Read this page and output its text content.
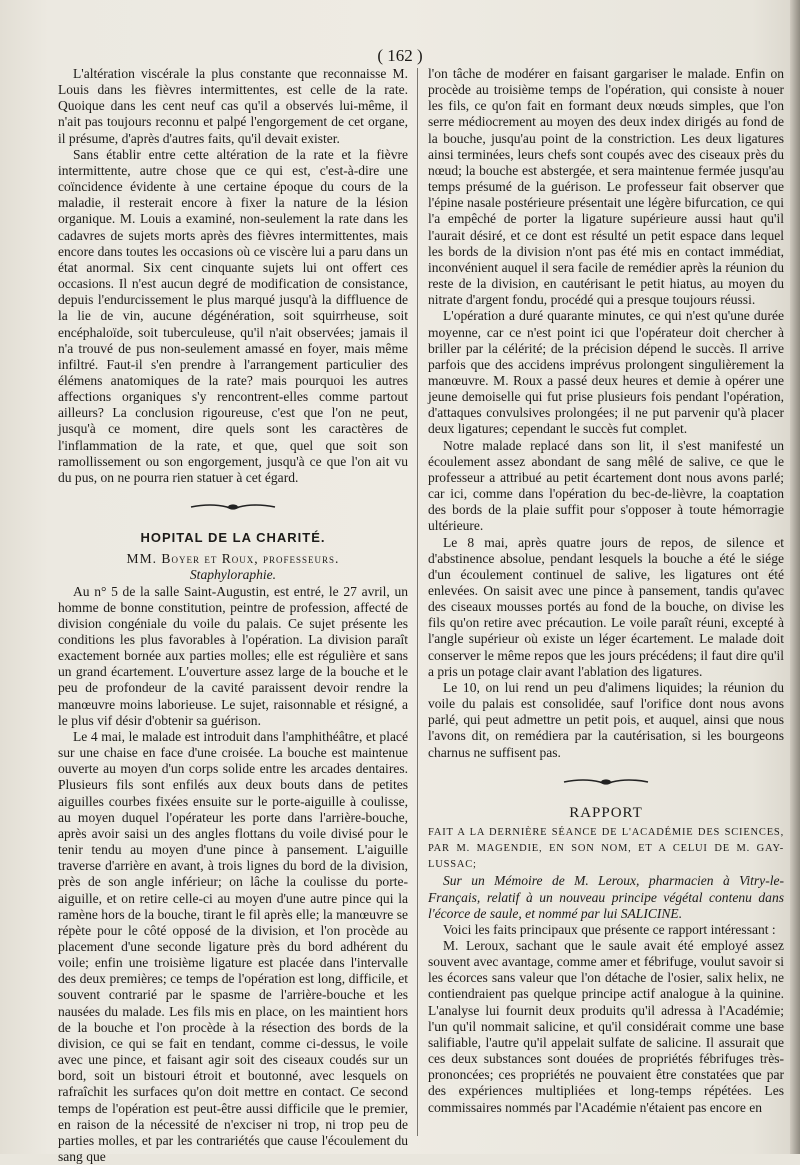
( 162 )

L'altération viscérale la plus constante que reconnaisse M. Louis dans les fièvres intermittentes, est celle de la rate. Quoique dans les cent neuf cas qu'il a observés lui-même, il n'ait pas toujours reconnu et palpé l'engorgement de cet organe, il présume, d'après d'autres faits, qu'il devait exister.

Sans établir entre cette altération de la rate et la fièvre intermittente, autre chose que ce qui est, c'est-à-dire une coïncidence évidente à une certaine époque du cours de la maladie, il resterait encore à fixer la nature de la lésion organique. M. Louis a examiné, non-seulement la rate dans les cadavres de sujets morts après des fièvres intermittentes, mais encore dans toutes les occasions où ce viscère lui a paru dans un état anormal. Six cent cinquante sujets lui ont offert ces occasions. Il n'est aucun degré de modification de consistance, depuis l'endurcissement le plus marqué jusqu'à la diffluence de la lie de vin, aucune dégénération, soit squirrheuse, soit encéphaloïde, soit tuberculeuse, qu'il n'ait observées; jamais il n'a trouvé de pus non-seulement amassé en foyer, mais même infiltré. Faut-il s'en prendre à l'arrangement particulier des élémens anatomiques de la rate? mais pourquoi les autres affections organiques s'y rencontrent-elles comme partout ailleurs? La conclusion rigoureuse, c'est que l'on ne peut, jusqu'à ce moment, dire quels sont les caractères de l'inflammation de la rate, et que, quel que soit son ramollissement ou son engorgement, jusqu'à ce que l'on ait vu du pus, on ne pourra rien statuer à cet égard.

HOPITAL DE LA CHARITÉ.

MM. Boyer et Roux, professeurs.

Staphyloraphie.

Au n° 5 de la salle Saint-Augustin, est entré, le 27 avril, un homme de bonne constitution, peintre de profession, affecté de division congéniale du voile du palais. Ce sujet présente les conditions les plus favorables à l'opération. La division paraît exactement bornée aux parties molles; elle est régulière et sans un grand écartement. L'ouverture assez large de la bouche et le peu de profondeur de la cavité paraissent devoir rendre la manœuvre moins laborieuse. Le sujet, raisonnable et résigné, a le plus vif désir d'obtenir sa guérison.

Le 4 mai, le malade est introduit dans l'amphithéâtre, et placé sur une chaise en face d'une croisée. La bouche est maintenue ouverte au moyen d'un corps solide entre les arcades dentaires. Plusieurs fils sont enfilés aux deux bouts dans de petites aiguilles courbes fixées ensuite sur le porte-aiguille à coulisse, au moyen duquel l'opérateur les porte dans l'arrière-bouche, après avoir saisi un des angles flottans du voile divisé pour le tenir tendu au moyen d'une pince à pansement. L'aiguille traverse d'arrière en avant, à trois lignes du bord de la division, près de son angle inférieur; on lâche la coulisse du porte-aiguille, et on retire celle-ci au moyen d'une autre pince qui la ramène hors de la bouche, tirant le fil après elle; la manœuvre se répète pour le côté opposé de la division, et l'on procède au placement d'une seconde ligature près du bord adhérent du voile; enfin une troisième ligature est placée dans l'intervalle des deux premières; ce temps de l'opération est long, difficile, et souvent contrarié par le spasme de l'arrière-bouche et les nausées du malade. Les fils mis en place, on les maintient hors de la bouche et l'on procède à la résection des bords de la division, ce qui se fait en tendant, comme ci-dessus, le voile avec une pince, et faisant agir soit des ciseaux coudés sur un bord, soit un bistouri étroit et boutonné, avec lesquels on rafraîchit les surfaces qu'on doit mettre en contact. Ce second temps de l'opération est peut-être aussi difficile que le premier, en raison de la nécessité de n'exciser ni trop, ni trop peu de parties molles, et par les contrariétés que cause l'écoulement du sang que

l'on tâche de modérer en faisant gargariser le malade. Enfin on procède au troisième temps de l'opération, qui consiste à nouer les fils, ce qu'on fait en formant deux nœuds simples, que l'on serre médiocrement au moyen des deux index dirigés au fond de la bouche, jusqu'au point de la constriction. Les deux ligatures ainsi terminées, leurs chefs sont coupés avec des ciseaux près du nœud; la bouche est abstergée, et sera maintenue fermée jusqu'au temps présumé de la guérison. Le professeur fait observer que l'épine nasale postérieure présentait une légère bifurcation, ce qui l'a empêché de porter la ligature supérieure aussi haut qu'il l'aurait désiré, et ce dont est résulté un petit espace dans lequel les bords de la division n'ont pas été mis en contact immédiat, inconvénient auquel il sera facile de remédier après la réunion du reste de la division, en cautérisant le petit hiatus, au moyen du nitrate d'argent fondu, procédé qui a presque toujours réussi.

L'opération a duré quarante minutes, ce qui n'est qu'une durée moyenne, car ce n'est point ici que l'opérateur doit chercher à briller par la célérité; de la précision dépend le succès. Il arrive parfois que des accidens imprévus prolongent singulièrement la manœuvre. M. Roux a passé deux heures et demie à opérer une jeune demoiselle qui fut prise plusieurs fois pendant l'opération, d'attaques convulsives prolongées; il ne put parvenir qu'à placer deux ligatures; cependant le succès fut complet.

Notre malade replacé dans son lit, il s'est manifesté un écoulement assez abondant de sang mêlé de salive, ce que le professeur a attribué au petit écartement dont nous avons parlé; car ici, comme dans l'opération du bec-de-lièvre, la coaptation des bords de la plaie suffit pour s'opposer à toute hémorragie ultérieure.

Le 8 mai, après quatre jours de repos, de silence et d'abstinence absolue, pendant lesquels la bouche a été le siége d'un écoulement continuel de salive, les ligatures ont été enlevées. On saisit avec une pince à pansement, tandis qu'avec des ciseaux mousses portés au fond de la bouche, on divise les fils qu'on retire avec précaution. Le voile paraît réuni, excepté à l'angle supérieur où existe un léger écartement. Le malade doit conserver le même repos que les jours précédens; il faut dire qu'il a pris un potage clair avant l'ablation des ligatures.

Le 10, on lui rend un peu d'alimens liquides; la réunion du voile du palais est consolidée, sauf l'orifice dont nous avons parlé, qui peut admettre un petit pois, et auquel, ainsi que nous l'avons dit, on remédiera par la cautérisation, si les bourgeons charnus ne suffisent pas.

RAPPORT

FAIT A LA DERNIÈRE SÉANCE DE L'ACADÉMIE DES SCIENCES, PAR M. MAGENDIE, EN SON NOM, ET A CELUI DE M. GAY-LUSSAC;

Sur un Mémoire de M. Leroux, pharmacien à Vitry-le-Français, relatif à un nouveau principe végétal contenu dans l'écorce de saule, et nommé par lui SALICINE.

Voici les faits principaux que présente ce rapport intéressant :

M. Leroux, sachant que le saule avait été employé assez souvent avec avantage, comme amer et fébrifuge, voulut savoir si les écorces sans valeur que l'on détache de l'osier, salix helix, ne contiendraient pas quelque principe actif analogue à la quinine. L'analyse lui fournit deux produits qu'il adressa à l'Académie; l'un qu'il nommait salicine, et qu'il considérait comme une base salifiable, l'autre qu'il appelait sulfate de salicine. Il assurait que ces deux substances sont douées de propriétés fébrifuges très-prononcées; ces propriétés ne pouvaient être constatées que par des expériences multipliées et long-temps répétées. Les commissaires nommés par l'Académie n'étaient pas encore en
